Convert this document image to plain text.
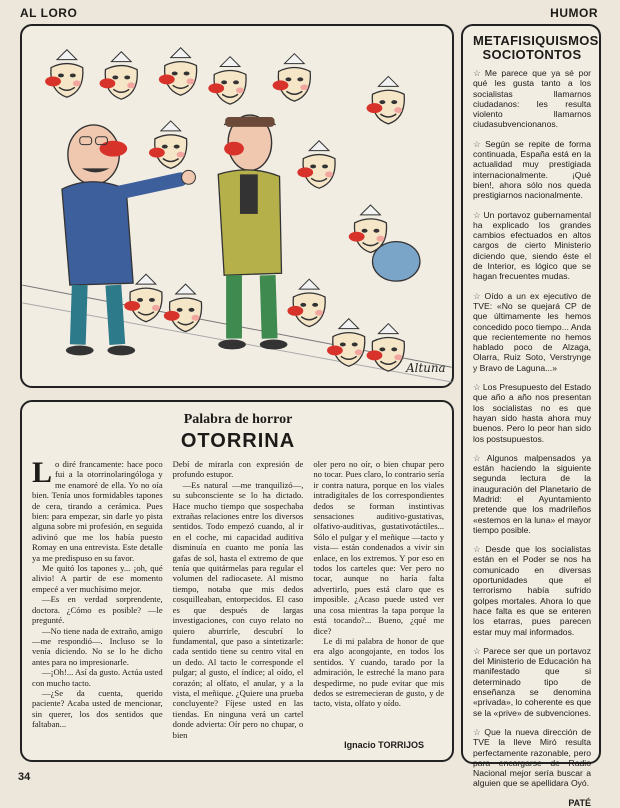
AL LORO	HUMOR
Altuna
METAFISIQUISMOS SOCIOTONTOS
☆ Me parece que ya sé por qué les gusta tanto a los socialistas llamarnos ciudadanos: les resulta violento llamarnos ciudasubvencionanos.
☆ Según se repite de forma continuada, España está en la actualidad muy prestigiada internacionalmente. ¡Qué bien!, ahora sólo nos queda prestigiarnos nacionalmente.
☆ Un portavoz gubernamental ha explicado los grandes cambios efectuados en altos cargos de cierto Ministerio diciendo que, siendo éste el de Interior, es lógico que se hagan frecuentes mudas.
☆ Oído a un ex ejecutivo de TVE: «No se quejará CP de que últimamente les hemos concedido poco tiempo... Anda que recientemente no hemos hablado poco de Alzaga, Olarra, Ruiz Soto, Verstrynge y Bravo de Laguna...»
☆ Los Presupuesto del Estado que año a año nos presentan los socialistas no es que hayan sido hasta ahora muy buenos. Pero lo peor han sido los postsupuestos.
☆ Algunos malpensados ya están haciendo la siguiente segunda lectura de la inauguración del Planetario de Madrid: el Ayuntamiento pretende que los madrileños «estemos en la luna» el mayor tiempo posible.
☆ Desde que los socialistas están en el Poder se nos ha comunicado en diversas oportunidades que el terrorismo había sufrido golpes mortales. Ahora lo que hace falta es que se enteren los etarras, pues parecen estar muy mal informados.
☆ Parece ser que un portavoz del Ministerio de Educación ha manifestado que si determinado tipo de enseñanza se denomina «privada», lo coherente es que se la «prive» de subvenciones.
☆ Que la nueva dirección de TVE la lleve Miró resulta perfectamente razonable, pero para encargarse de Radio Nacional mejor sería buscar a alguien que se apellidara Oyó.
PATÉ
Palabra de horror
OTORRINA

Lo diré francamente: hace poco fui a la otorrinolaringóloga y me enamoré de ella. Yo no oía bien. Tenía unos formidables tapones de cera, tirando a cerámica. Pues bien: para empezar, sin darle yo pista alguna sobre mi profesión, en seguida adivinó que me los había puesto Romay en una entrevista. Este detalle ya me predispuso en su favor.

Me quitó los tapones y... ¡oh, qué alivio! A partir de ese momento empecé a ver muchísimo mejor.

—Es en verdad sorprendente, doctora. ¿Cómo es posible? —le pregunté.

—No tiene nada de extraño, amigo —me respondió—. Incluso se lo venía diciendo. No se lo he dicho antes para no impresionarle.

—¡Oh!... Así da gusto. Actúa usted con mucho tacto.

—¿Se da cuenta, querido paciente? Acaba usted de mencionar, sin querer, los dos sentidos que faltaban...

Debí de mirarla con expresión de profundo estupor.

—Es natural —me tranquilizó—, su subconsciente se lo ha dictado. Hace mucho tiempo que sospechaba extrañas relaciones entre los diversos sentidos. Todo empezó cuando, al ir en el coche, mi capacidad auditiva disminuía en cuanto me ponía las gafas de sol, hasta el extremo de que tenía que quitármelas para regular el volumen del radiocasete. Al mismo tiempo, notaba que mis dedos cosquilleaban, entorpecidos. El caso es que después de largas investigaciones, con cuyo relato no quiero aburrirle, descubrí lo fundamental, que paso a sintetizarle: cada sentido tiene su centro vital en un dedo. Al tacto le corresponde el pulgar; al gusto, el índice; al oído, el corazón; al olfato, el anular, y a la vista, el meñique. ¿Quiere una prueba concluyente? Fíjese usted en las tiendas. En ninguna verá un cartel donde advierta: Oír pero no chupar, o bien

oler pero no oír, o bien chupar pero no tocar. Pues claro, lo contrario sería ir contra natura, porque en los viales intradigitales de los correspondientes dedos se forman instintivas sensaciones auditivo-gustativas, olfativo-auditivas, gustativotáctiles... Sólo el pulgar y el meñique —tacto y vista— están condenados a vivir sin enlace, en los extremos. Y por eso en todos los carteles que: Ver pero no tocar, aunque no haría falta advertirlo, pues está claro que es imposible. ¿Acaso puede usted ver una cosa mientras la tapa porque la está tocando?... Bueno, ¿qué me dice?

Le di mi palabra de honor de que era algo acongojante, en todos los sentidos. Y cuando, tarado por la admiración, le estreché la mano para despedirme, no pude evitar que mis dedos se estremecieran de gusto, y de tacto, vista, olfato y oído.

Ignacio TORRIJOS
34
